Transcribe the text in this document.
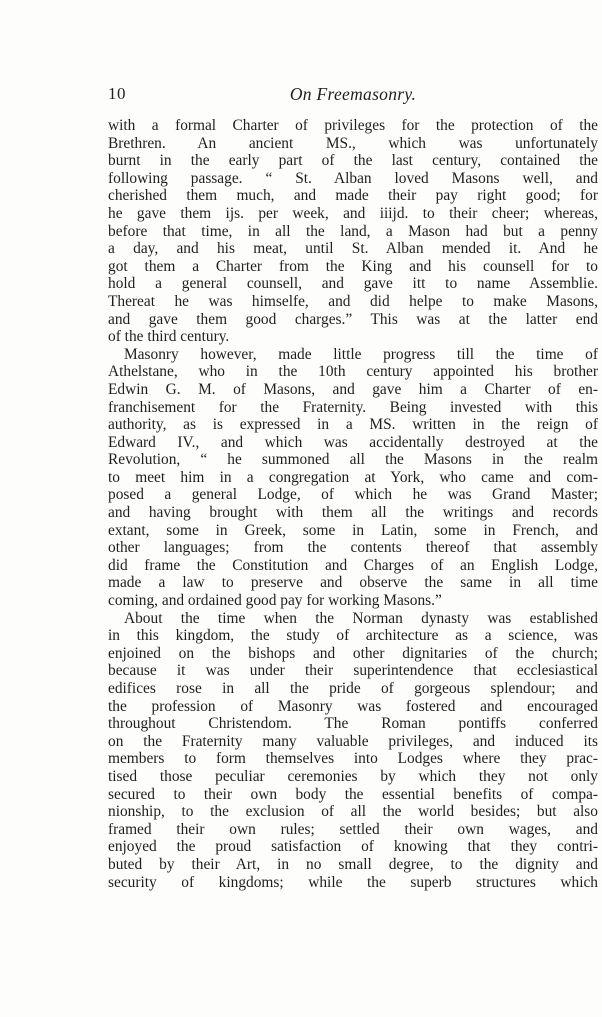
10	On Freemasonry.
with a formal Charter of privileges for the protection of the
Brethren. An ancient MS., which was unfortunately
burnt in the early part of the last century, contained the
following passage. “ St. Alban loved Masons well, and
cherished them much, and made their pay right good; for
he gave them ijs. per week, and iiijd. to their cheer; whereas,
before that time, in all the land, a Mason had but a penny
a day, and his meat, until St. Alban mended it. And he
got them a Charter from the King and his counsell for to
hold a general counsell, and gave itt to name Assemblie.
Thereat he was himselfe, and did helpe to make Masons,
and gave them good charges.” This was at the latter end
of the third century.
Masonry however, made little progress till the time of
Athelstane, who in the 10th century appointed his brother
Edwin G. M. of Masons, and gave him a Charter of en-
franchisement for the Fraternity. Being invested with this
authority, as is expressed in a MS. written in the reign of
Edward IV., and which was accidentally destroyed at the
Revolution, “ he summoned all the Masons in the realm
to meet him in a congregation at York, who came and com-
posed a general Lodge, of which he was Grand Master;
and having brought with them all the writings and records
extant, some in Greek, some in Latin, some in French, and
other languages; from the contents thereof that assembly
did frame the Constitution and Charges of an English Lodge,
made a law to preserve and observe the same in all time
coming, and ordained good pay for working Masons.”
About the time when the Norman dynasty was established
in this kingdom, the study of architecture as a science, was
enjoined on the bishops and other dignitaries of the church;
because it was under their superintendence that ecclesiastical
edifices rose in all the pride of gorgeous splendour; and
the profession of Masonry was fostered and encouraged
throughout Christendom. The Roman pontiffs conferred
on the Fraternity many valuable privileges, and induced its
members to form themselves into Lodges where they prac-
tised those peculiar ceremonies by which they not only
secured to their own body the essential benefits of compa-
nionship, to the exclusion of all the world besides; but also
framed their own rules; settled their own wages, and
enjoyed the proud satisfaction of knowing that they contri-
buted by their Art, in no small degree, to the dignity and
security of kingdoms; while the superb structures which
